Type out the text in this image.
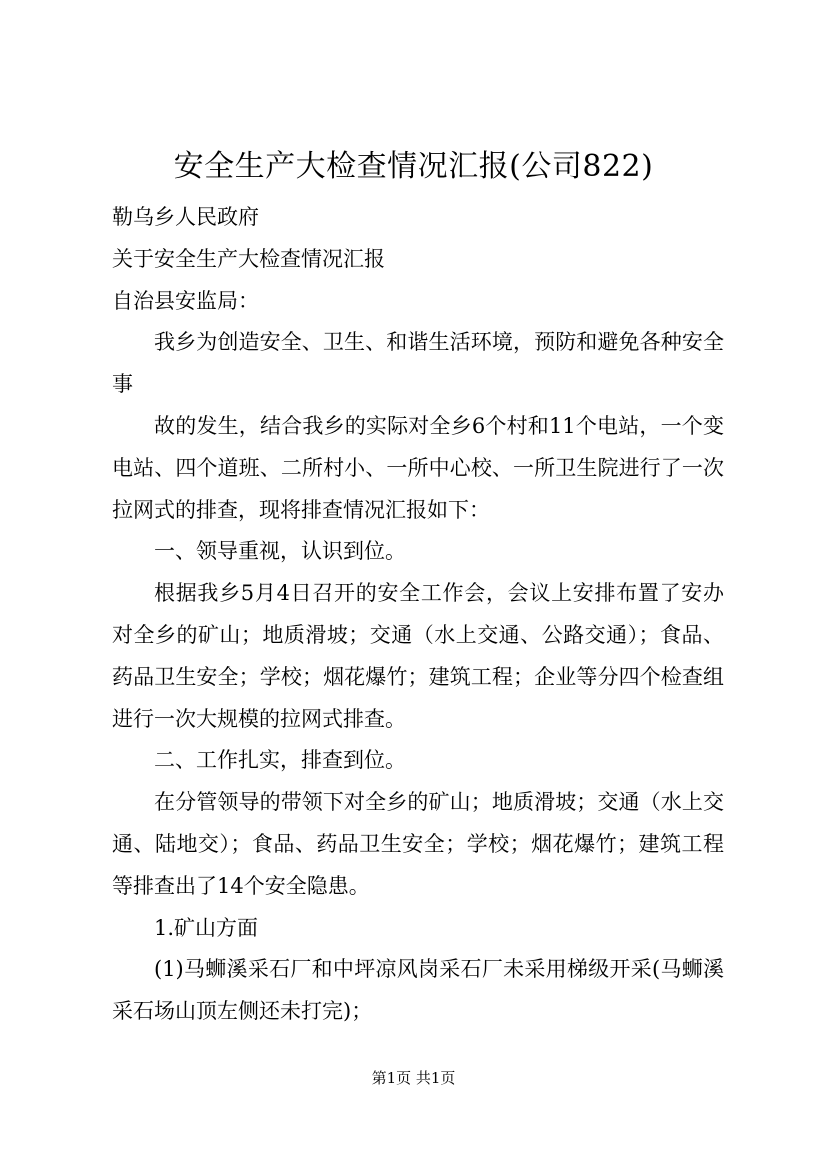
安全生产大检查情况汇报(公司822)

勒乌乡人民政府

关于安全生产大检查情况汇报

自治县安监局：

我乡为创造安全、卫生、和谐生活环境，预防和避免各种安全事

故的发生，结合我乡的实际对全乡6个村和11个电站，一个变电站、四个道班、二所村小、一所中心校、一所卫生院进行了一次拉网式的排查，现将排查情况汇报如下：

一、领导重视，认识到位。

根据我乡5月4日召开的安全工作会，会议上安排布置了安办对全乡的矿山；地质滑坡；交通（水上交通、公路交通）；食品、药品卫生安全；学校；烟花爆竹；建筑工程；企业等分四个检查组进行一次大规模的拉网式排查。

二、工作扎实，排查到位。

在分管领导的带领下对全乡的矿山；地质滑坡；交通（水上交通、陆地交）；食品、药品卫生安全；学校；烟花爆竹；建筑工程等排查出了14个安全隐患。

1.矿山方面

(1)马蛳溪采石厂和中坪凉风岗采石厂未采用梯级开采(马蛳溪采石场山顶左侧还未打完)；

第1页 共1页
